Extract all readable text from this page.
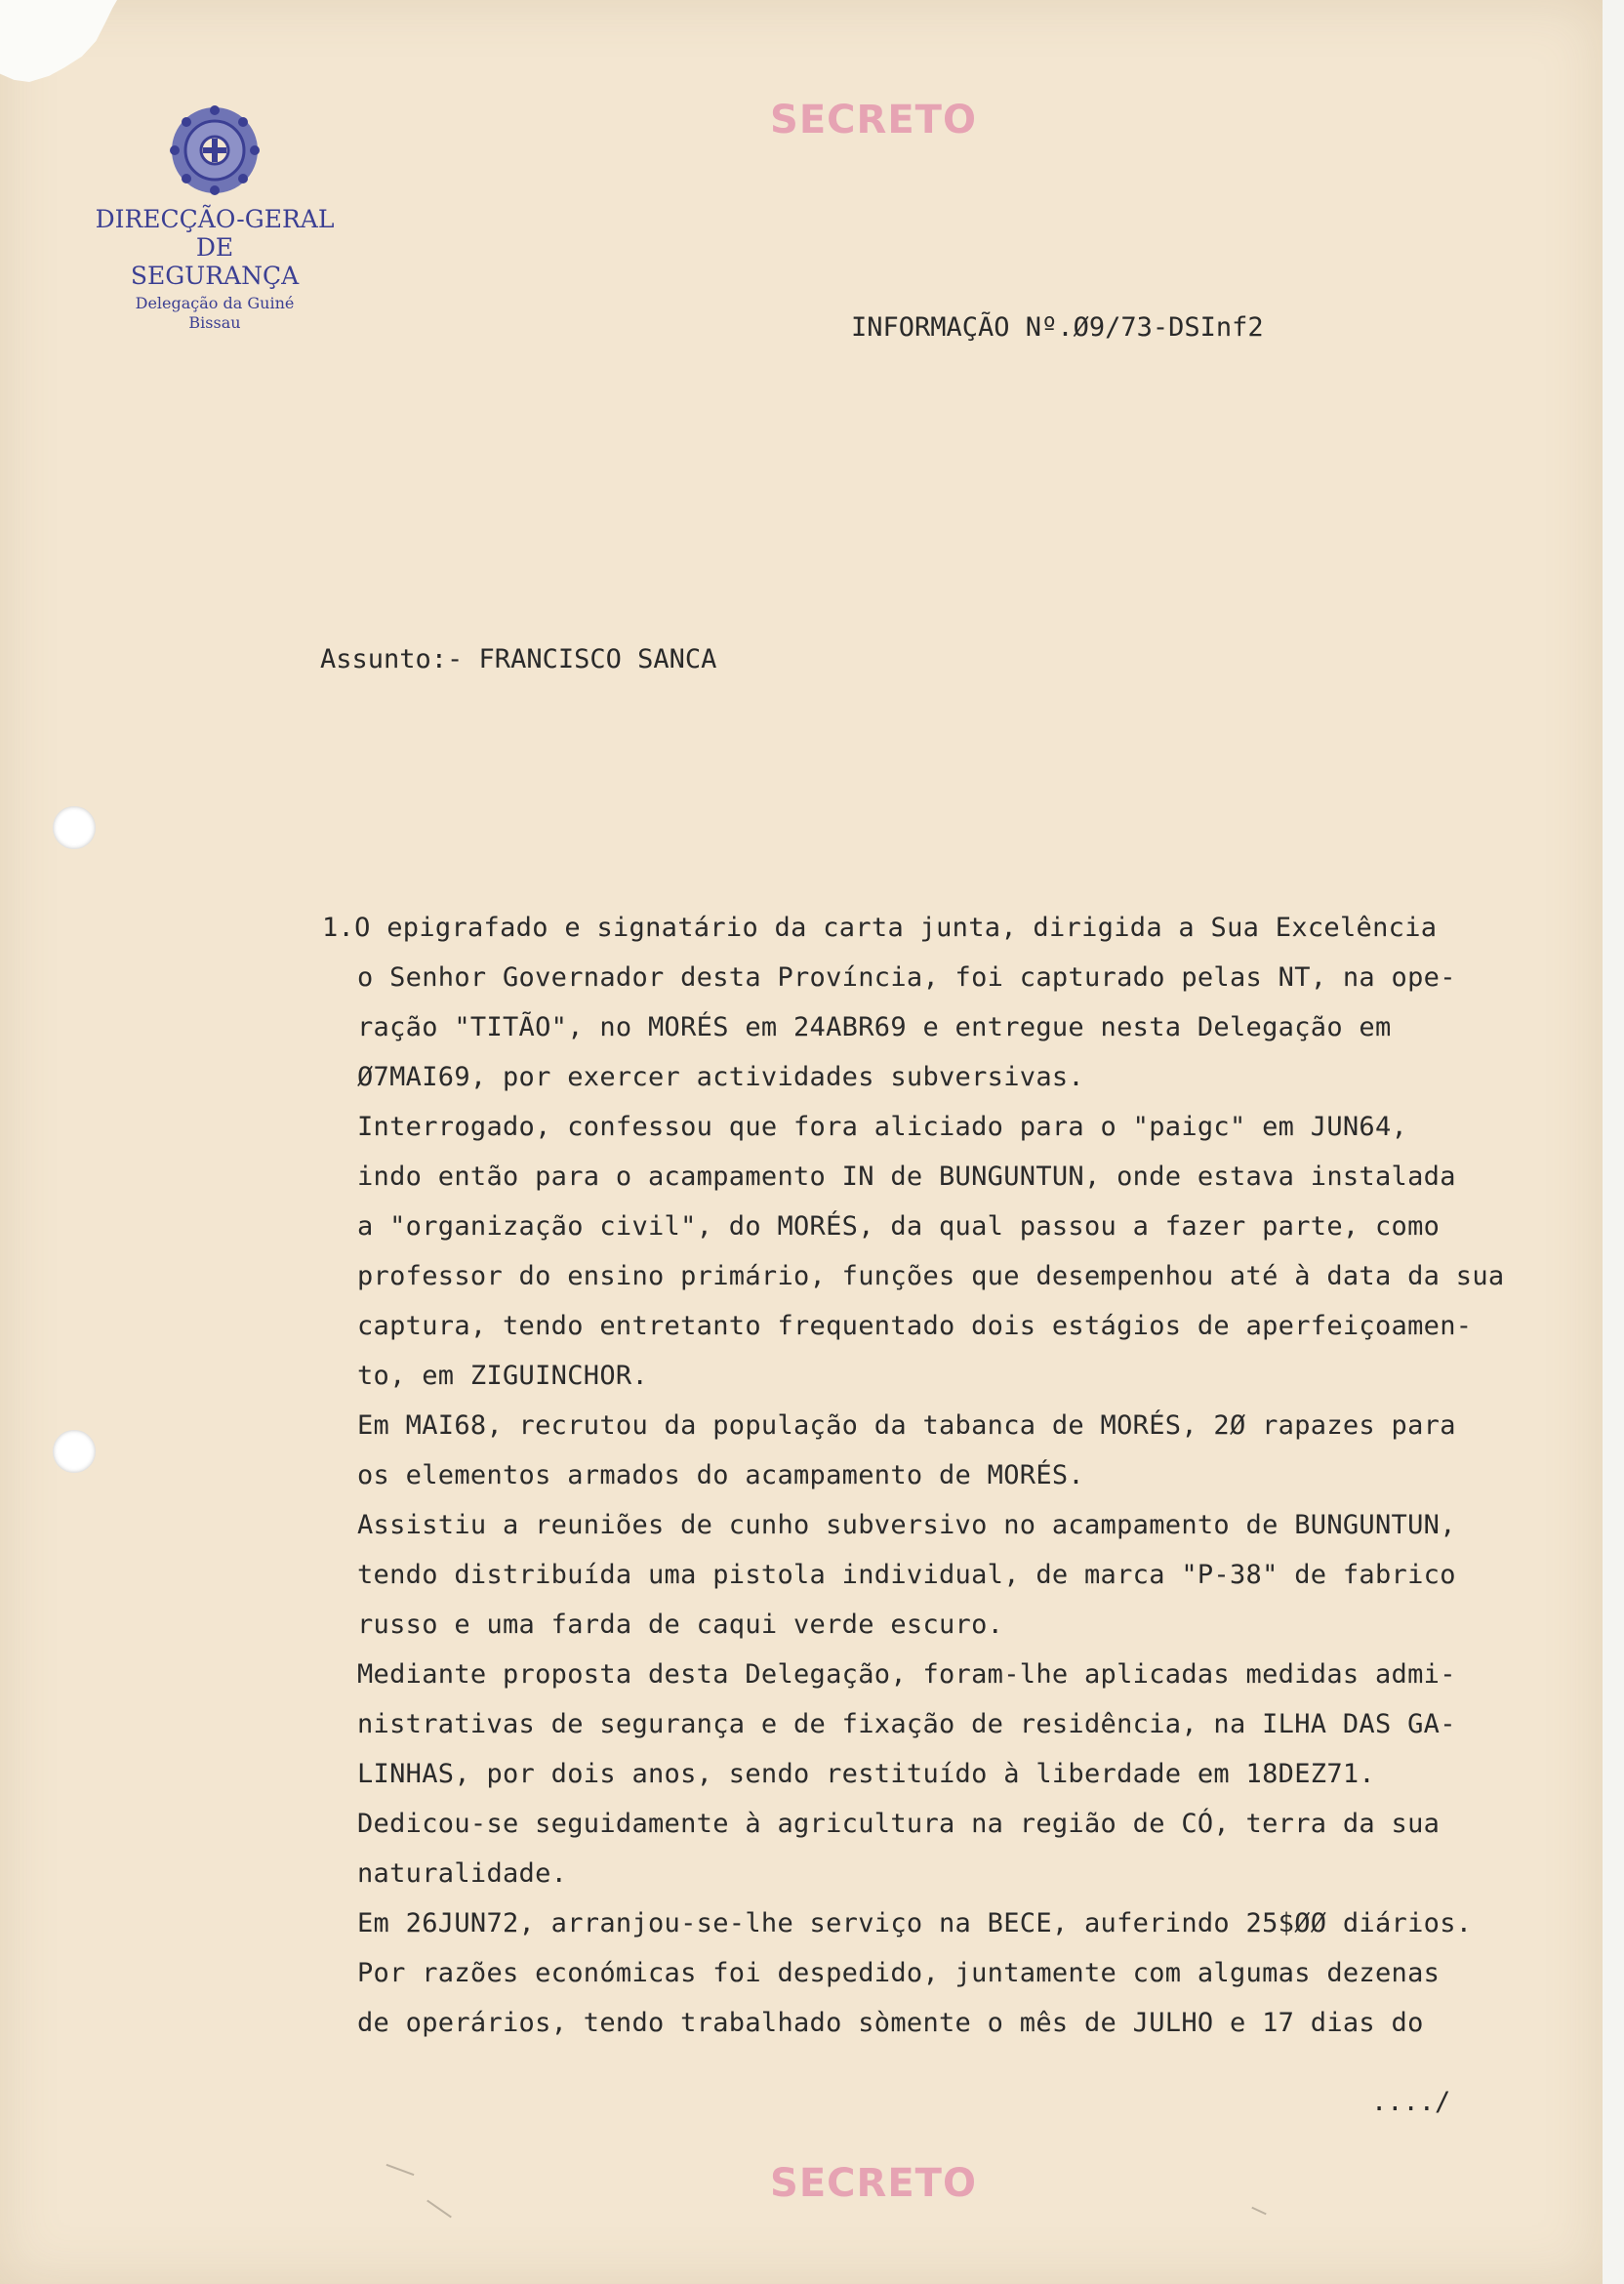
DIRECÇÃO-GERAL
DE
SEGURANÇA
Delegação da Guiné
Bissau
SECRETO
INFORMAÇÃO Nº.Ø9/73-DSInf2
Assunto:- FRANCISCO SANCA
1.O epigrafado e signatário da carta junta, dirigida a Sua Excelência
o Senhor Governador desta Província, foi capturado pelas NT, na ope-
ração "TITÃO", no MORÉS em 24ABR69 e entregue nesta Delegação em
Ø7MAI69, por exercer actividades subversivas.
Interrogado, confessou que fora aliciado para o "paigc" em JUN64,
indo então para o acampamento IN de BUNGUNTUN, onde estava instalada
a "organização civil", do MORÉS, da qual passou a fazer parte, como
professor do ensino primário, funções que desempenhou até à data da sua
captura, tendo entretanto frequentado dois estágios de aperfeiçoamen-
to, em ZIGUINCHOR.
Em MAI68, recrutou da população da tabanca de MORÉS, 2Ø rapazes para
os elementos armados do acampamento de MORÉS.
Assistiu a reuniões de cunho subversivo no acampamento de BUNGUNTUN,
tendo distribuída uma pistola individual, de marca "P-38" de fabrico
russo e uma farda de caqui verde escuro.
Mediante proposta desta Delegação, foram-lhe aplicadas medidas admi-
nistrativas de segurança e de fixação de residência, na ILHA DAS GA-
LINHAS, por dois anos, sendo restituído à liberdade em 18DEZ71.
Dedicou-se seguidamente à agricultura na região de CÓ, terra da sua
naturalidade.
Em 26JUN72, arranjou-se-lhe serviço na BECE, auferindo 25$ØØ diários.
Por razões económicas foi despedido, juntamente com algumas dezenas
de operários, tendo trabalhado sòmente o mês de JULHO e 17 dias do
..../
SECRETO
